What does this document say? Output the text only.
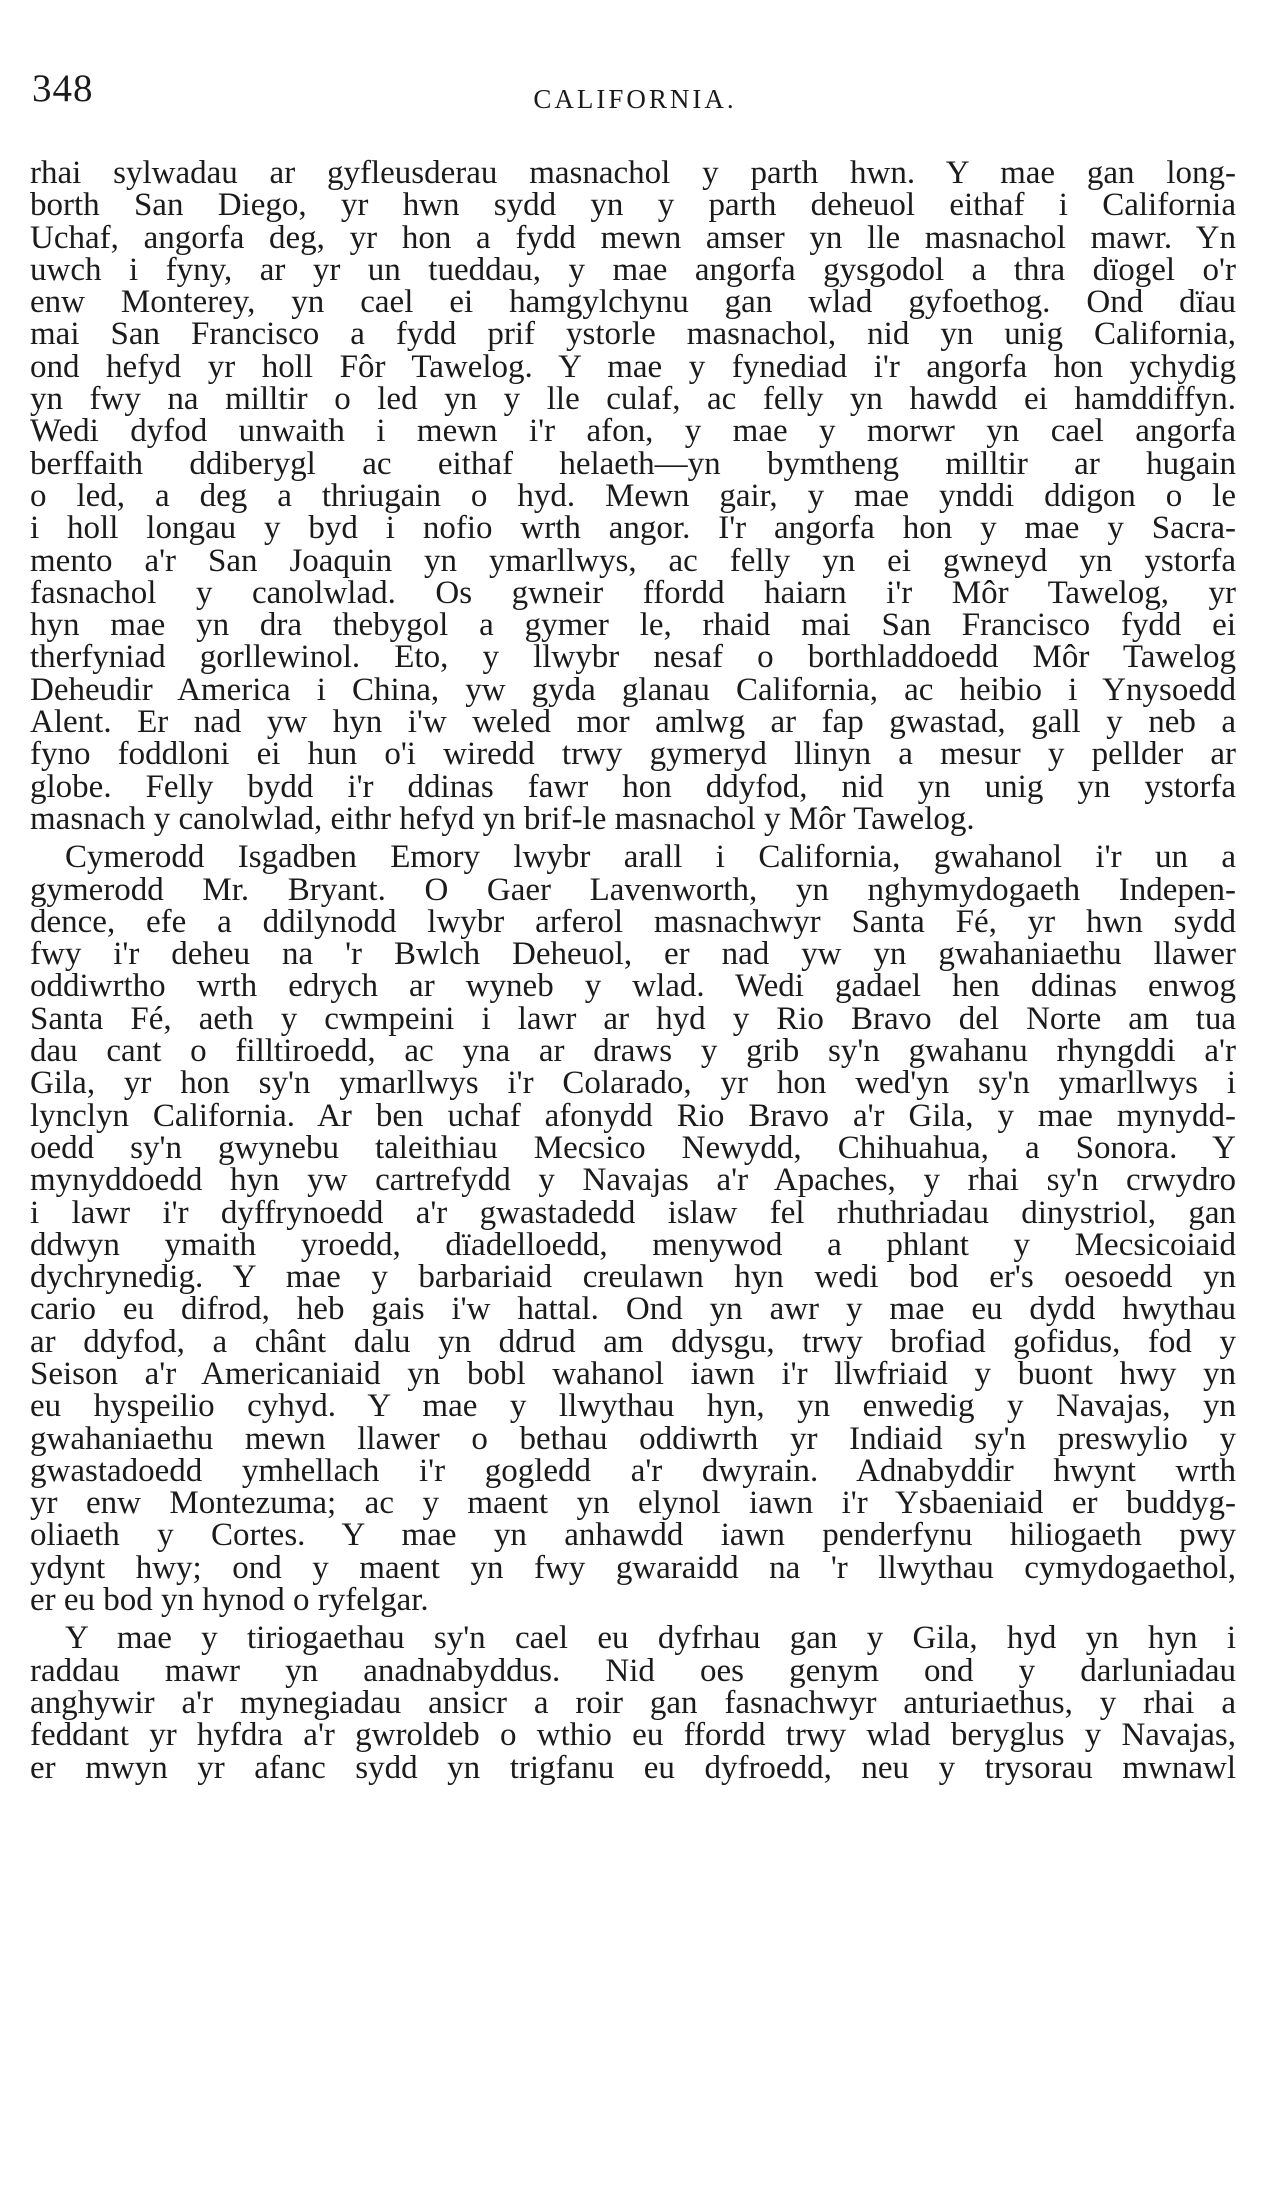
348	CALIFORNIA.
rhai sylwadau ar gyfleusderau masnachol y parth hwn. Y mae gan long-
borth San Diego, yr hwn sydd yn y parth deheuol eithaf i California
Uchaf, angorfa deg, yr hon a fydd mewn amser yn lle masnachol mawr. Yn
uwch i fyny, ar yr un tueddau, y mae angorfa gysgodol a thra dïogel o'r
enw Monterey, yn cael ei hamgylchynu gan wlad gyfoethog. Ond dïau
mai San Francisco a fydd prif ystorle masnachol, nid yn unig California,
ond hefyd yr holl Fôr Tawelog. Y mae y fynediad i'r angorfa hon ychydig
yn fwy na milltir o led yn y lle culaf, ac felly yn hawdd ei hamddiffyn.
Wedi dyfod unwaith i mewn i'r afon, y mae y morwr yn cael angorfa
berffaith ddiberygl ac eithaf helaeth—yn bymtheng milltir ar hugain
o led, a deg a thriugain o hyd. Mewn gair, y mae ynddi ddigon o le
i holl longau y byd i nofio wrth angor. I'r angorfa hon y mae y Sacra-
mento a'r San Joaquin yn ymarllwys, ac felly yn ei gwneyd yn ystorfa
fasnachol y canolwlad. Os gwneir ffordd haiarn i'r Môr Tawelog, yr
hyn mae yn dra thebygol a gymer le, rhaid mai San Francisco fydd ei
therfyniad gorllewinol. Eto, y llwybr nesaf o borthladdoedd Môr Tawelog
Deheudir America i China, yw gyda glanau California, ac heibio i Ynysoedd
Alent. Er nad yw hyn i'w weled mor amlwg ar fap gwastad, gall y neb a
fyno foddloni ei hun o'i wiredd trwy gymeryd llinyn a mesur y pellder ar
globe. Felly bydd i'r ddinas fawr hon ddyfod, nid yn unig yn ystorfa
masnach y canolwlad, eithr hefyd yn brif-le masnachol y Môr Tawelog.
Cymerodd Isgadben Emory lwybr arall i California, gwahanol i'r un a
gymerodd Mr. Bryant. O Gaer Lavenworth, yn nghymydogaeth Indepen-
dence, efe a ddilynodd lwybr arferol masnachwyr Santa Fé, yr hwn sydd
fwy i'r deheu na 'r Bwlch Deheuol, er nad yw yn gwahaniaethu llawer
oddiwrtho wrth edrych ar wyneb y wlad. Wedi gadael hen ddinas enwog
Santa Fé, aeth y cwmpeini i lawr ar hyd y Rio Bravo del Norte am tua
dau cant o filltiroedd, ac yna ar draws y grib sy'n gwahanu rhyngddi a'r
Gila, yr hon sy'n ymarllwys i'r Colarado, yr hon wed'yn sy'n ymarllwys i
lynclyn California. Ar ben uchaf afonydd Rio Bravo a'r Gila, y mae mynydd-
oedd sy'n gwynebu taleithiau Mecsico Newydd, Chihuahua, a Sonora. Y
mynyddoedd hyn yw cartrefydd y Navajas a'r Apaches, y rhai sy'n crwydro
i lawr i'r dyffrynoedd a'r gwastadedd islaw fel rhuthriadau dinystriol, gan
ddwyn ymaith yroedd, dïadelloedd, menywod a phlant y Mecsicoiaid
dychrynedig. Y mae y barbariaid creulawn hyn wedi bod er's oesoedd yn
cario eu difrod, heb gais i'w hattal. Ond yn awr y mae eu dydd hwythau
ar ddyfod, a chânt dalu yn ddrud am ddysgu, trwy brofiad gofidus, fod y
Seison a'r Americaniaid yn bobl wahanol iawn i'r llwfriaid y buont hwy yn
eu hyspeilio cyhyd. Y mae y llwythau hyn, yn enwedig y Navajas, yn
gwahaniaethu mewn llawer o bethau oddiwrth yr Indiaid sy'n preswylio y
gwastadoedd ymhellach i'r gogledd a'r dwyrain. Adnabyddir hwynt wrth
yr enw Montezuma; ac y maent yn elynol iawn i'r Ysbaeniaid er buddyg-
oliaeth y Cortes. Y mae yn anhawdd iawn penderfynu hiliogaeth pwy
ydynt hwy; ond y maent yn fwy gwaraidd na 'r llwythau cymydogaethol,
er eu bod yn hynod o ryfelgar.
Y mae y tiriogaethau sy'n cael eu dyfrhau gan y Gila, hyd yn hyn i
raddau mawr yn anadnabyddus. Nid oes genym ond y darluniadau
anghywir a'r mynegiadau ansicr a roir gan fasnachwyr anturiaethus, y rhai a
feddant yr hyfdra a'r gwroldeb o wthio eu ffordd trwy wlad beryglus y Navajas,
er mwyn yr afanc sydd yn trigfanu eu dyfroedd, neu y trysorau mwnawl
